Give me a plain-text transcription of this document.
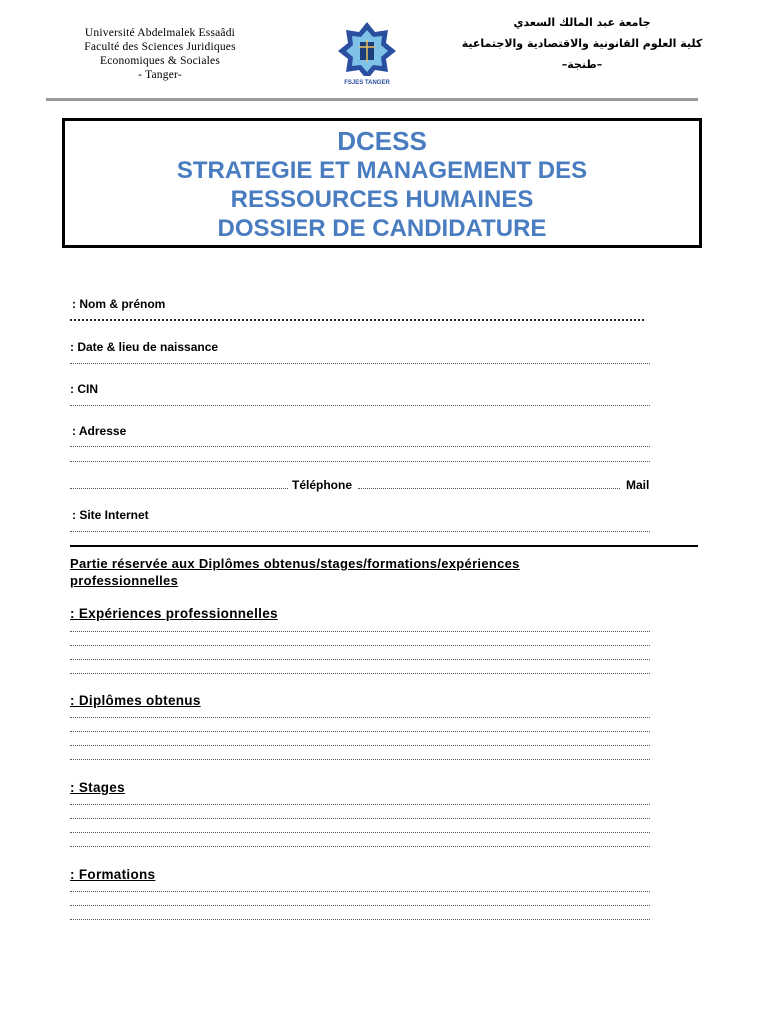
Université Abdelmalek Essaâdi
Faculté des Sciences Juridiques
Economiques & Sociales
- Tanger-
FSJES TANGER
جامعة عبد المالك السعدي
كلية العلوم القانونية والاقتصادية والاجتماعية
–طنجة–
DCESS
STRATEGIE ET MANAGEMENT DES
RESSOURCES HUMAINES
DOSSIER DE CANDIDATURE
: Nom & prénom
: Date & lieu de naissance
: CIN
: Adresse
Téléphone	Mail
: Site Internet
Partie réservée aux Diplômes obtenus/stages/formations/expériences professionnelles
: Expériences professionnelles
: Diplômes obtenus
: Stages
: Formations
